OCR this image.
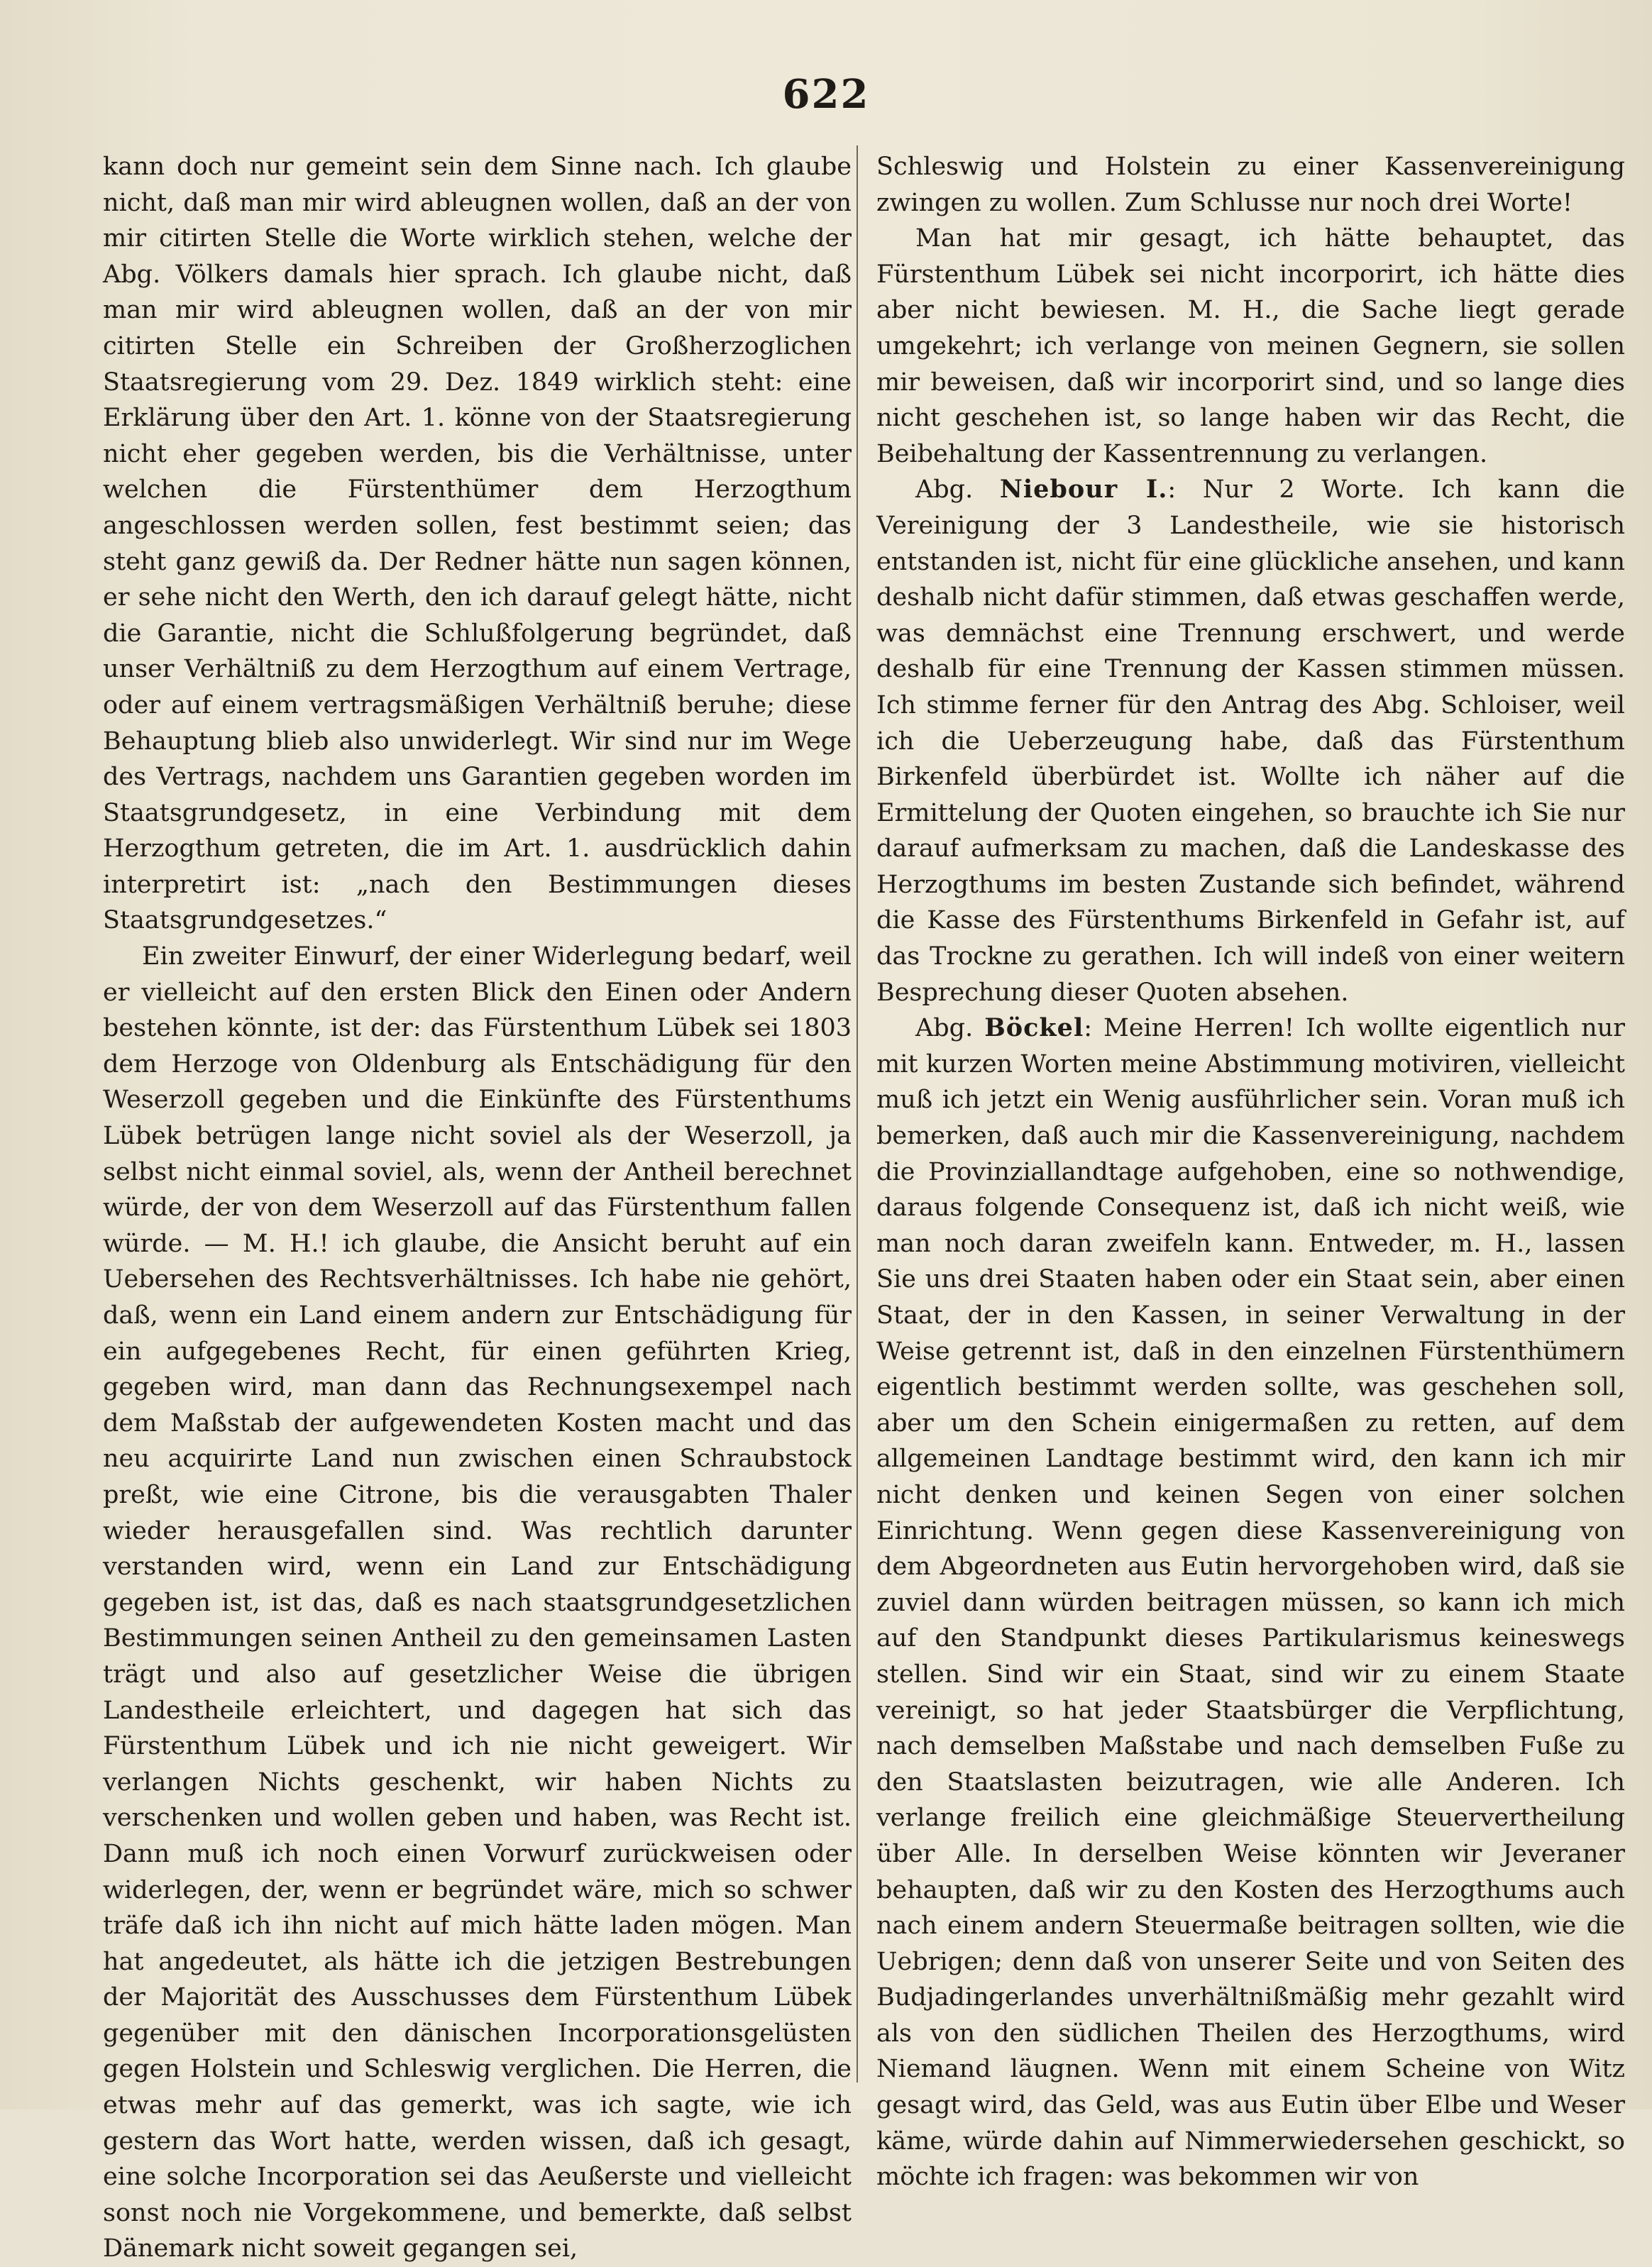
622

kann doch nur gemeint sein dem Sinne nach. Ich glaube nicht, daß man mir wird ableugnen wollen, daß an der von mir citirten Stelle die Worte wirklich stehen, welche der Abg. Völkers damals hier sprach. Ich glaube nicht, daß man mir wird ableugnen wollen, daß an der von mir citirten Stelle ein Schreiben der Großherzoglichen Staatsregierung vom 29. Dez. 1849 wirklich steht: eine Erklärung über den Art. 1. könne von der Staatsregierung nicht eher gegeben werden, bis die Verhältnisse, unter welchen die Fürstenthümer dem Herzogthum angeschlossen werden sollen, fest bestimmt seien; das steht ganz gewiß da. Der Redner hätte nun sagen können, er sehe nicht den Werth, den ich darauf gelegt hätte, nicht die Garantie, nicht die Schlußfolgerung begründet, daß unser Verhältniß zu dem Herzogthum auf einem Vertrage, oder auf einem vertragsmäßigen Verhältniß beruhe; diese Behauptung blieb also unwiderlegt. Wir sind nur im Wege des Vertrags, nachdem uns Garantien gegeben worden im Staatsgrundgesetz, in eine Verbindung mit dem Herzogthum getreten, die im Art. 1. ausdrücklich dahin interpretirt ist: „nach den Bestimmungen dieses Staatsgrundgesetzes.“

Ein zweiter Einwurf, der einer Widerlegung bedarf, weil er vielleicht auf den ersten Blick den Einen oder Andern bestehen könnte, ist der: das Fürstenthum Lübek sei 1803 dem Herzoge von Oldenburg als Entschädigung für den Weserzoll gegeben und die Einkünfte des Fürstenthums Lübek betrügen lange nicht soviel als der Weserzoll, ja selbst nicht einmal soviel, als, wenn der Antheil berechnet würde, der von dem Weserzoll auf das Fürstenthum fallen würde. — M. H.! ich glaube, die Ansicht beruht auf ein Uebersehen des Rechtsverhältnisses. Ich habe nie gehört, daß, wenn ein Land einem andern zur Entschädigung für ein aufgegebenes Recht, für einen geführten Krieg, gegeben wird, man dann das Rechnungsexempel nach dem Maßstab der aufgewendeten Kosten macht und das neu acquirirte Land nun zwischen einen Schraubstock preßt, wie eine Citrone, bis die verausgabten Thaler wieder herausgefallen sind. Was rechtlich darunter verstanden wird, wenn ein Land zur Entschädigung gegeben ist, ist das, daß es nach staatsgrundgesetzlichen Bestimmungen seinen Antheil zu den gemeinsamen Lasten trägt und also auf gesetzlicher Weise die übrigen Landestheile erleichtert, und dagegen hat sich das Fürstenthum Lübek und ich nie nicht geweigert. Wir verlangen Nichts geschenkt, wir haben Nichts zu verschenken und wollen geben und haben, was Recht ist. Dann muß ich noch einen Vorwurf zurückweisen oder widerlegen, der, wenn er begründet wäre, mich so schwer träfe daß ich ihn nicht auf mich hätte laden mögen. Man hat angedeutet, als hätte ich die jetzigen Bestrebungen der Majorität des Ausschusses dem Fürstenthum Lübek gegenüber mit den dänischen Incorporationsgelüsten gegen Holstein und Schleswig verglichen. Die Herren, die etwas mehr auf das gemerkt, was ich sagte, wie ich gestern das Wort hatte, werden wissen, daß ich gesagt, eine solche Incorporation sei das Aeußerste und vielleicht sonst noch nie Vorgekommene, und bemerkte, daß selbst Dänemark nicht soweit gegangen sei,

Schleswig und Holstein zu einer Kassenvereinigung zwingen zu wollen. Zum Schlusse nur noch drei Worte!

Man hat mir gesagt, ich hätte behauptet, das Fürstenthum Lübek sei nicht incorporirt, ich hätte dies aber nicht bewiesen. M. H., die Sache liegt gerade umgekehrt; ich verlange von meinen Gegnern, sie sollen mir beweisen, daß wir incorporirt sind, und so lange dies nicht geschehen ist, so lange haben wir das Recht, die Beibehaltung der Kassentrennung zu verlangen.

Abg. Niebour I.: Nur 2 Worte. Ich kann die Vereinigung der 3 Landestheile, wie sie historisch entstanden ist, nicht für eine glückliche ansehen, und kann deshalb nicht dafür stimmen, daß etwas geschaffen werde, was demnächst eine Trennung erschwert, und werde deshalb für eine Trennung der Kassen stimmen müssen. Ich stimme ferner für den Antrag des Abg. Schloiser, weil ich die Ueberzeugung habe, daß das Fürstenthum Birkenfeld überbürdet ist. Wollte ich näher auf die Ermittelung der Quoten eingehen, so brauchte ich Sie nur darauf aufmerksam zu machen, daß die Landeskasse des Herzogthums im besten Zustande sich befindet, während die Kasse des Fürstenthums Birkenfeld in Gefahr ist, auf das Trockne zu gerathen. Ich will indeß von einer weitern Besprechung dieser Quoten absehen.

Abg. Böckel: Meine Herren! Ich wollte eigentlich nur mit kurzen Worten meine Abstimmung motiviren, vielleicht muß ich jetzt ein Wenig ausführlicher sein. Voran muß ich bemerken, daß auch mir die Kassenvereinigung, nachdem die Provinziallandtage aufgehoben, eine so nothwendige, daraus folgende Consequenz ist, daß ich nicht weiß, wie man noch daran zweifeln kann. Entweder, m. H., lassen Sie uns drei Staaten haben oder ein Staat sein, aber einen Staat, der in den Kassen, in seiner Verwaltung in der Weise getrennt ist, daß in den einzelnen Fürstenthümern eigentlich bestimmt werden sollte, was geschehen soll, aber um den Schein einigermaßen zu retten, auf dem allgemeinen Landtage bestimmt wird, den kann ich mir nicht denken und keinen Segen von einer solchen Einrichtung. Wenn gegen diese Kassenvereinigung von dem Abgeordneten aus Eutin hervorgehoben wird, daß sie zuviel dann würden beitragen müssen, so kann ich mich auf den Standpunkt dieses Partikularismus keineswegs stellen. Sind wir ein Staat, sind wir zu einem Staate vereinigt, so hat jeder Staatsbürger die Verpflichtung, nach demselben Maßstabe und nach demselben Fuße zu den Staatslasten beizutragen, wie alle Anderen. Ich verlange freilich eine gleichmäßige Steuervertheilung über Alle. In derselben Weise könnten wir Jeveraner behaupten, daß wir zu den Kosten des Herzogthums auch nach einem andern Steuermaße beitragen sollten, wie die Uebrigen; denn daß von unserer Seite und von Seiten des Budjadingerlandes unverhältnißmäßig mehr gezahlt wird als von den südlichen Theilen des Herzogthums, wird Niemand läugnen. Wenn mit einem Scheine von Witz gesagt wird, das Geld, was aus Eutin über Elbe und Weser käme, würde dahin auf Nimmerwiedersehen geschickt, so möchte ich fragen: was bekommen wir von
